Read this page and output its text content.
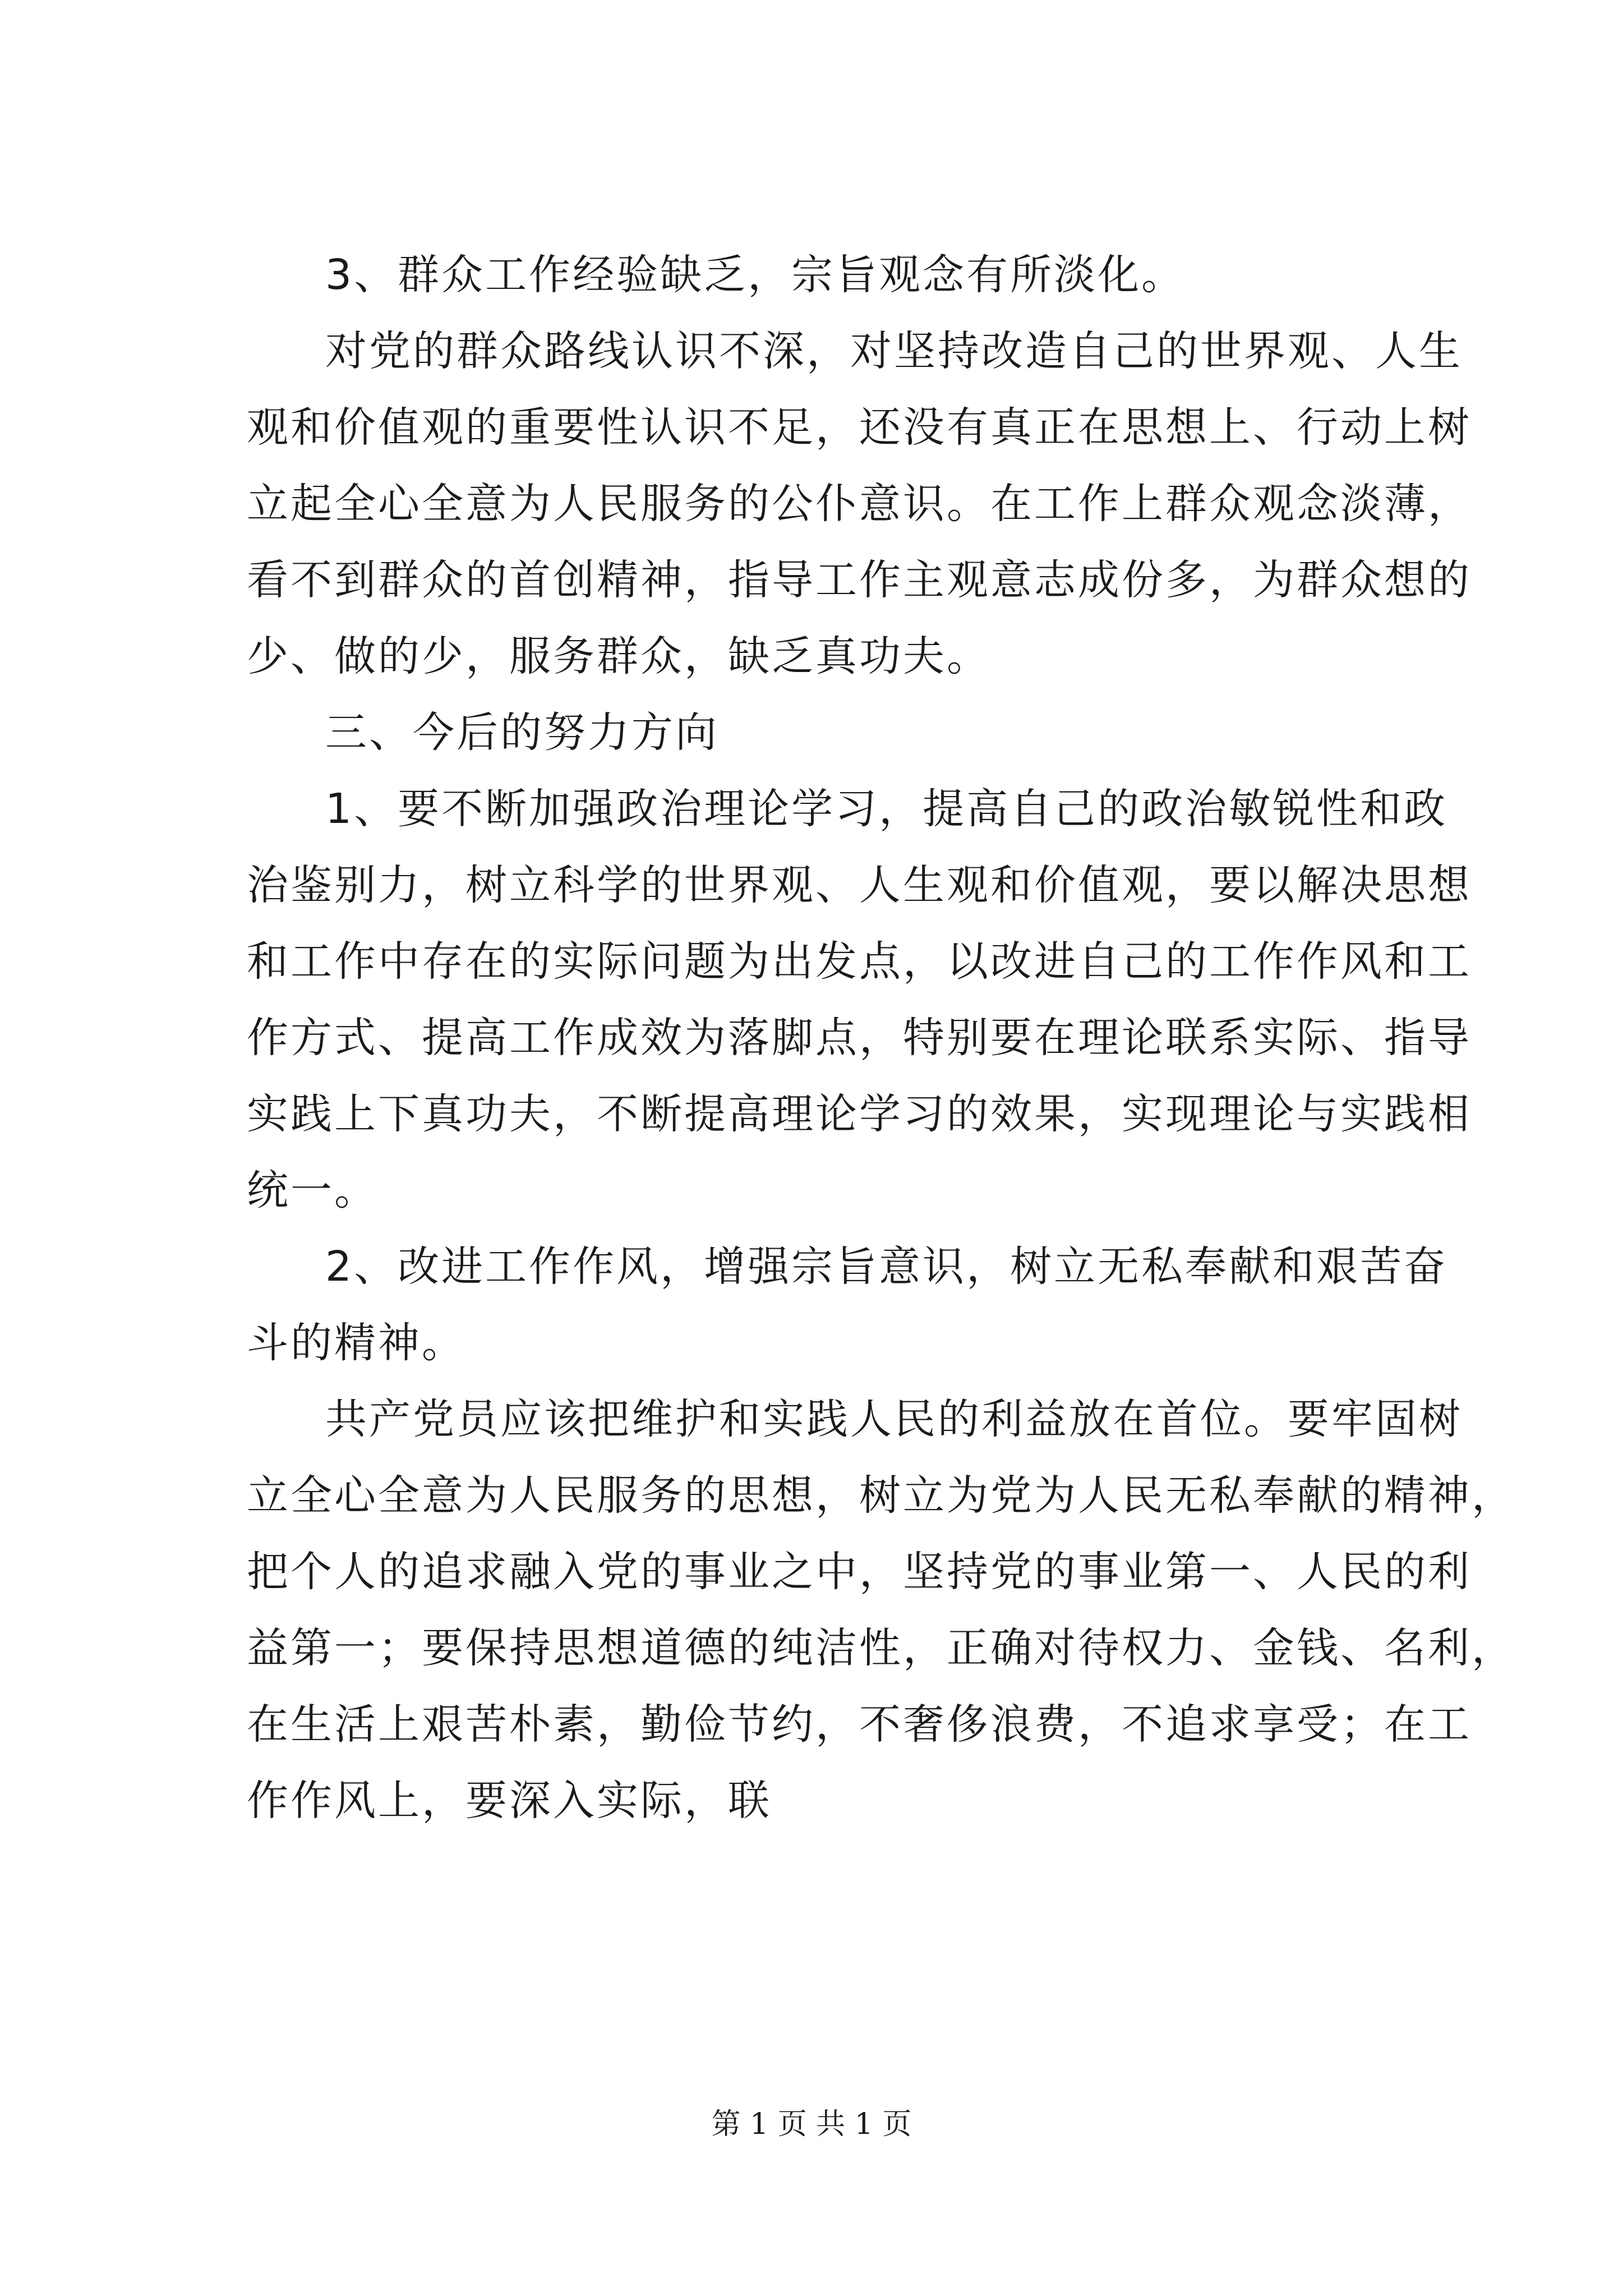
3、群众工作经验缺乏，宗旨观念有所淡化。
对党的群众路线认识不深，对坚持改造自己的世界观、人生
观和价值观的重要性认识不足，还没有真正在思想上、行动上树
立起全心全意为人民服务的公仆意识。在工作上群众观念淡薄，
看不到群众的首创精神，指导工作主观意志成份多，为群众想的
少、做的少，服务群众，缺乏真功夫。
三、今后的努力方向
1、要不断加强政治理论学习，提高自己的政治敏锐性和政
治鉴别力，树立科学的世界观、人生观和价值观，要以解决思想
和工作中存在的实际问题为出发点，以改进自己的工作作风和工
作方式、提高工作成效为落脚点，特别要在理论联系实际、指导
实践上下真功夫，不断提高理论学习的效果，实现理论与实践相
统一。
2、改进工作作风，增强宗旨意识，树立无私奉献和艰苦奋
斗的精神。
共产党员应该把维护和实践人民的利益放在首位。要牢固树
立全心全意为人民服务的思想，树立为党为人民无私奉献的精神，
把个人的追求融入党的事业之中，坚持党的事业第一、人民的利
益第一；要保持思想道德的纯洁性，正确对待权力、金钱、名利，
在生活上艰苦朴素，勤俭节约，不奢侈浪费，不追求享受；在工
作作风上，要深入实际，联
第 1 页 共 1 页
